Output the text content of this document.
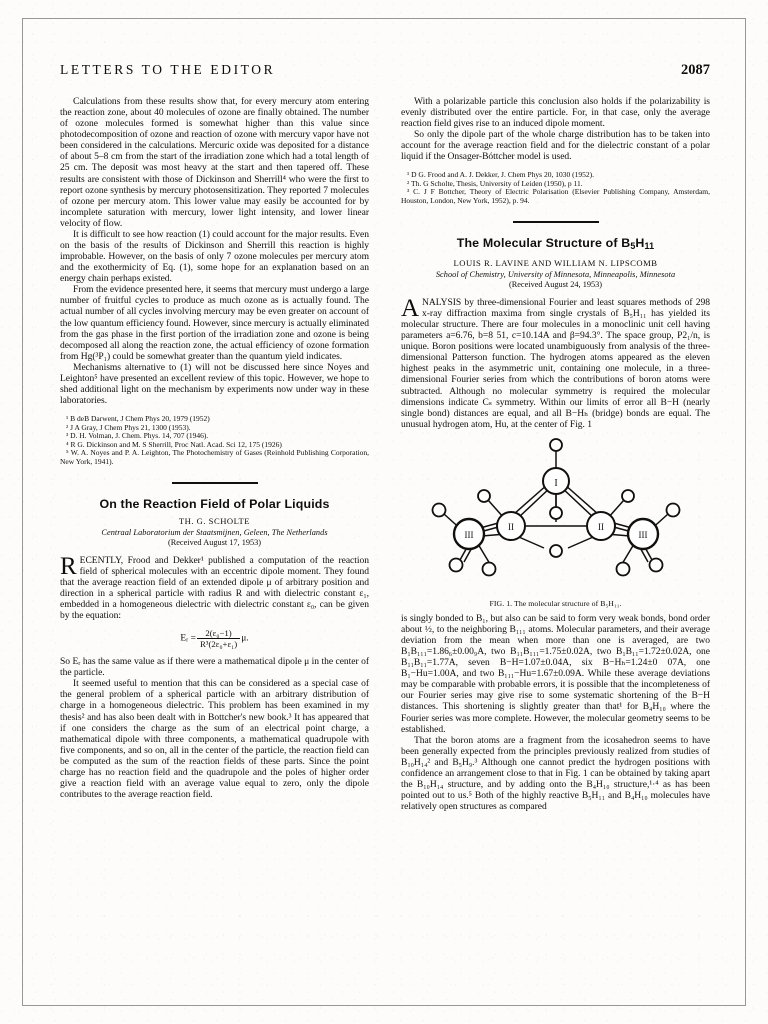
LETTERS TO THE EDITOR	2087

Calculations from these results show that, for every mercury atom entering the reaction zone, about 40 molecules of ozone are finally obtained. The number of ozone molecules formed is somewhat higher than this value since photodecomposition of ozone and reaction of ozone with mercury vapor have not been considered in the calculations. Mercuric oxide was deposited for a distance of about 5–8 cm from the start of the irradiation zone which had a total length of 25 cm. The deposit was most heavy at the start and then tapered off. These results are consistent with those of Dickinson and Sherrill⁴ who were the first to report ozone synthesis by mercury photosensitization. They reported 7 molecules of ozone per mercury atom. This lower value may easily be accounted for by incomplete saturation with mercury, lower light intensity, and lower linear velocity of flow.

It is difficult to see how reaction (1) could account for the major results. Even on the basis of the results of Dickinson and Sherrill this reaction is highly improbable. However, on the basis of only 7 ozone molecules per mercury atom and the exothermicity of Eq. (1), some hope for an explanation based on an energy chain perhaps existed.

From the evidence presented here, it seems that mercury must undergo a large number of fruitful cycles to produce as much ozone as is actually found. The actual number of all cycles involving mercury may be even greater on account of the low quantum efficiency found. However, since mercury is actually eliminated from the gas phase in the first portion of the irradiation zone and ozone is being decomposed all along the reaction zone, the actual efficiency of ozone formation from Hg(³P₁) could be somewhat greater than the quantum yield indicates.

Mechanisms alternative to (1) will not be discussed here since Noyes and Leighton⁵ have presented an excellent review of this topic. However, we hope to shed additional light on the mechanism by experiments now under way in these laboratories.

¹ B deB Darwent, J Chem Phys 20, 1979 (1952)
² J A Gray, J Chem Phys 21, 1300 (1953).
³ D. H. Volman, J. Chem. Phys. 14, 707 (1946).
⁴ R G. Dickinson and M. S Sherrill, Proc Natl. Acad. Sci 12, 175 (1926)
⁵ W. A. Noyes and P. A. Leighton, The Photochemistry of Gases (Reinhold Publishing Corporation, New York, 1941).
On the Reaction Field of Polar Liquids
TH. G. SCHOLTE
Centraal Laboratorium der Staatsmijnen, Geleen, The Netherlands
(Received August 17, 1953)

RECENTLY, Frood and Dekker¹ published a computation of the reaction field of spherical molecules with an eccentric dipole moment. They found that the average reaction field of an extended dipole μ of arbitrary position and direction in a spherical particle with radius R and with dielectric constant ε₁, embedded in a homogeneous dielectric with dielectric constant ε₀, can be given by the equation:

Eᵣ = $\frac{\text{2(ε₀−1)}}{\text{R³(2ε₀+ε₁)}} \mu$.

So Eᵣ has the same value as if there were a mathematical dipole μ in the center of the particle.

It seemed useful to mention that this can be considered as a special case of the general problem of a spherical particle with an arbitrary distribution of charge in a homogeneous dielectric. This problem has been examined in my thesis² and has also been dealt with in Bottcher's new book.³ It has appeared that if one considers the charge as the sum of an electrical point charge, a mathematical dipole with three components, a mathematical quadrupole with five components, and so on, all in the center of the particle, the reaction field can be computed as the sum of the reaction fields of these parts. Since the point charge has no reaction field and the quadrupole and the poles of higher order give a reaction field with an average value equal to zero, only the dipole contributes to the average reaction field.

With a polarizable particle this conclusion also holds if the polarizability is evenly distributed over the entire particle. For, in that case, only the average reaction field gives rise to an induced dipole moment.

So only the dipole part of the whole charge distribution has to be taken into account for the average reaction field and for the dielectric constant of a polar liquid if the Onsager-Bóttcher model is used.

¹ D G. Frood and A. J. Dekker, J. Chem Phys 20, 1030 (1952).
² Th. G Scholte, Thesis, University of Leiden (1950), p 11.
³ C. J F Bottcher, Theory of Electric Polarisation (Elsevier Publishing Company, Amsterdam, Houston, London, New York, 1952), p. 94.
The Molecular Structure of $B_5H_{11}$
LOUIS R. LAVINE AND WILLIAM N. LIPSCOMB
School of Chemistry, University of Minnesota, Minneapolis, Minnesota
(Received August 24, 1953)

ANALYSIS by three-dimensional Fourier and least squares methods of 298 x-ray diffraction maxima from single crystals of B₅H₁₁ has yielded its molecular structure. There are four molecules in a monoclinic unit cell having parameters a=6.76, b=8 51, c=10.14A and β=94.3°. The space group, P2₁/n, is unique. Boron positions were located unambiguously from analysis of the three-dimensional Patterson function. The hydrogen atoms appeared as the eleven highest peaks in the asymmetric unit, containing one molecule, in a three-dimensional Fourier series from which the contributions of boron atoms were subtracted. Although no molecular symmetry is required the molecular dimensions indicate Cₛ symmetry. Within our limits of error all B−H (nearly single bond) distances are equal, and all B−Hₕ (bridge) bonds are equal. The unusual hydrogen atom, Hu, at the center of Fig. 1

I
II	II
III	III
FIG. 1. The molecular structure of B₅H₁₁.

is singly bonded to B₁, but also can be said to form very weak bonds, bond order about ½, to the neighboring B₁₁₁ atoms. Molecular parameters, and their average deviation from the mean when more than one is averaged, are two B₁B₁₁₁=1.86₆±0.00₉A, two B₁₁B₁₁₁=1.75±0.02A, two B₁B₁₁=1.72±0.02A, one B₁₁B₁₁=1.77A, seven B−H=1.07±0.04A, six B−Hₕ=1.24±0 07A, one B₁−Hu=1.00A, and two B₁₁₁−Hu=1.67±0.09A. While these average deviations may be comparable with probable errors, it is possible that the incompleteness of our Fourier series may give rise to some systematic shortening of the B−H distances. This shortening is slightly greater than that¹ for B₄H₁₀ where the Fourier series was more complete. However, the molecular geometry seems to be established.

That the boron atoms are a fragment from the icosahedron seems to have been generally expected from the principles previously realized from studies of B₁₀H₁₄² and B₅H₉.³ Although one cannot predict the hydrogen positions with confidence an arrangement close to that in Fig. 1 can be obtained by taking apart the B₁₀H₁₄ structure, and by adding onto the B₄H₁₀ structure,¹·⁴ as has been pointed out to us.⁵ Both of the highly reactive B₅H₁₁ and B₄H₁₀ molecules have relatively open structures as compared
